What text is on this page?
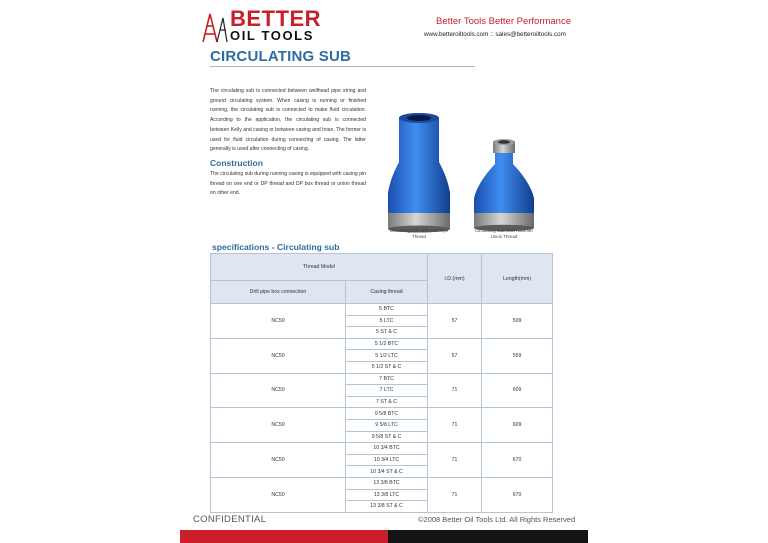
BETTER
OIL TOOLS
Better Tools Better Performance
www.betteroiltools.com :: sales@betteroiltools.com
CIRCULATING SUB
The circulating sub is connected between wellhead pipe string and ground circulating system. When casing is running or finished running, the circulating sub is connected to make fluid circulation. According to the application, the circulating sub is connected between Kelly and casing or between casing and hose. The former is used for fluid circulation during connecting of casing. The latter generally is used after connecting of casing.
Construction
The circulating sub during running casing is equipped with casing pin thread on one end or DP thread and DP box thread or union thread on other end.
Circulating Sub With Drill Pipe Thread
Circulating Sub With Hammer Union Thread
specifications - Circulating sub
Thread Model		I.D.(mm)	Length(mm)
Drill pipe box connection	Casing thread		
NC50	5 BTC	57	509
	5 LTC		
	5 ST & C		
NC50	5 1/2 BTC	57	559
	5 1/2 LTC		
	5 1/2 ST & C		
NC50	7 BTC	71	609
	7 LTC		
	7 ST & C		
NC50	9 5/8 BTC	71	609
	9 5/8 LTC		
	9 5/8 ST & C		
NC50	10 3/4 BTC	71	670
	10 3/4 LTC		
	10 3/4 ST & C		
NC50	13 3/8 BTC	71	670
	13 3/8 LTC		
	13 3/8 ST & C		
CONFIDENTIAL	©2008 Better Oil Tools Ltd. All Rights Reserved
